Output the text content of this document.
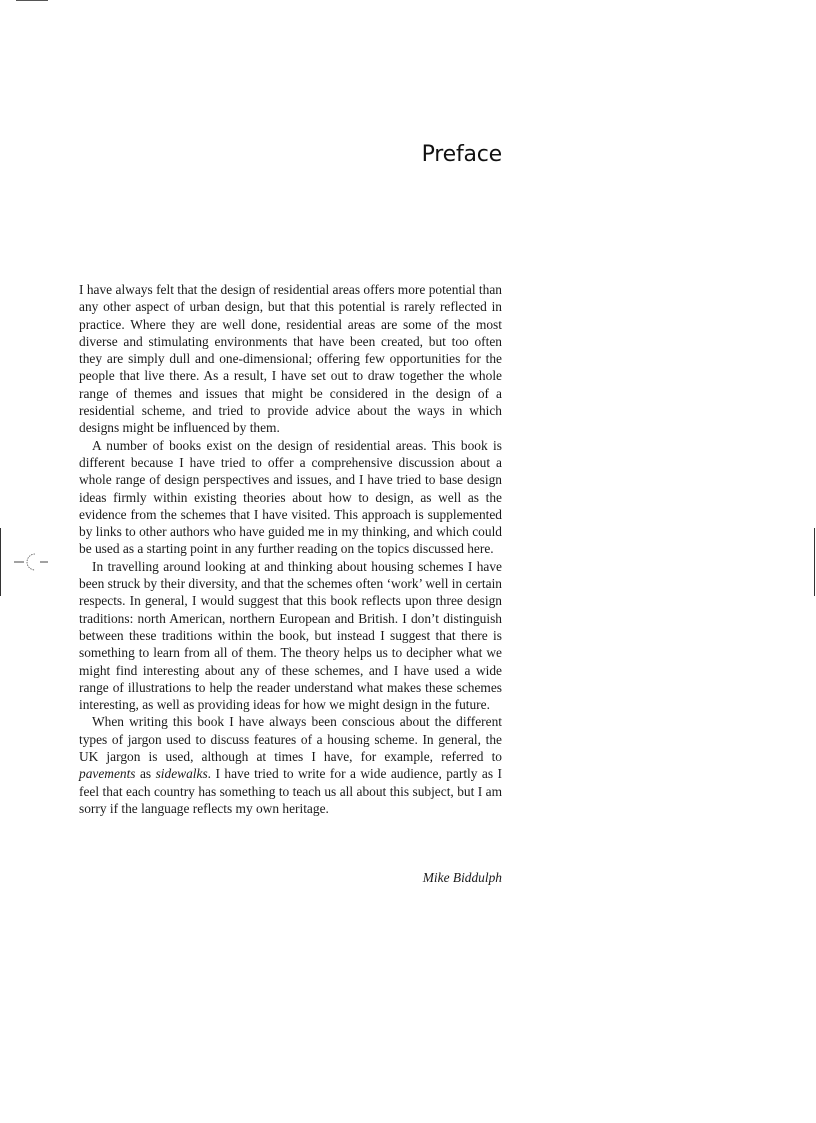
Preface

I have always felt that the design of residential areas offers more potential than any other aspect of urban design, but that this potential is rarely reflected in practice. Where they are well done, residential areas are some of the most diverse and stimulating environments that have been created, but too often they are simply dull and one-dimensional; offering few opportunities for the people that live there. As a result, I have set out to draw together the whole range of themes and issues that might be considered in the design of a residential scheme, and tried to provide advice about the ways in which designs might be influenced by them.

A number of books exist on the design of residential areas. This book is different because I have tried to offer a comprehensive discussion about a whole range of design perspectives and issues, and I have tried to base design ideas firmly within existing theories about how to design, as well as the evidence from the schemes that I have visited. This approach is supplemented by links to other authors who have guided me in my thinking, and which could be used as a starting point in any further reading on the topics discussed here.

In travelling around looking at and thinking about housing schemes I have been struck by their diversity, and that the schemes often ‘work’ well in certain respects. In general, I would suggest that this book reflects upon three design traditions: north American, northern European and British. I don’t distinguish between these traditions within the book, but instead I suggest that there is something to learn from all of them. The theory helps us to decipher what we might find interesting about any of these schemes, and I have used a wide range of illustrations to help the reader understand what makes these schemes interesting, as well as providing ideas for how we might design in the future.

When writing this book I have always been conscious about the different types of jargon used to discuss features of a housing scheme. In general, the UK jargon is used, although at times I have, for example, referred to pavements as sidewalks. I have tried to write for a wide audience, partly as I feel that each country has something to teach us all about this subject, but I am sorry if the language reflects my own heritage.

Mike Biddulph
